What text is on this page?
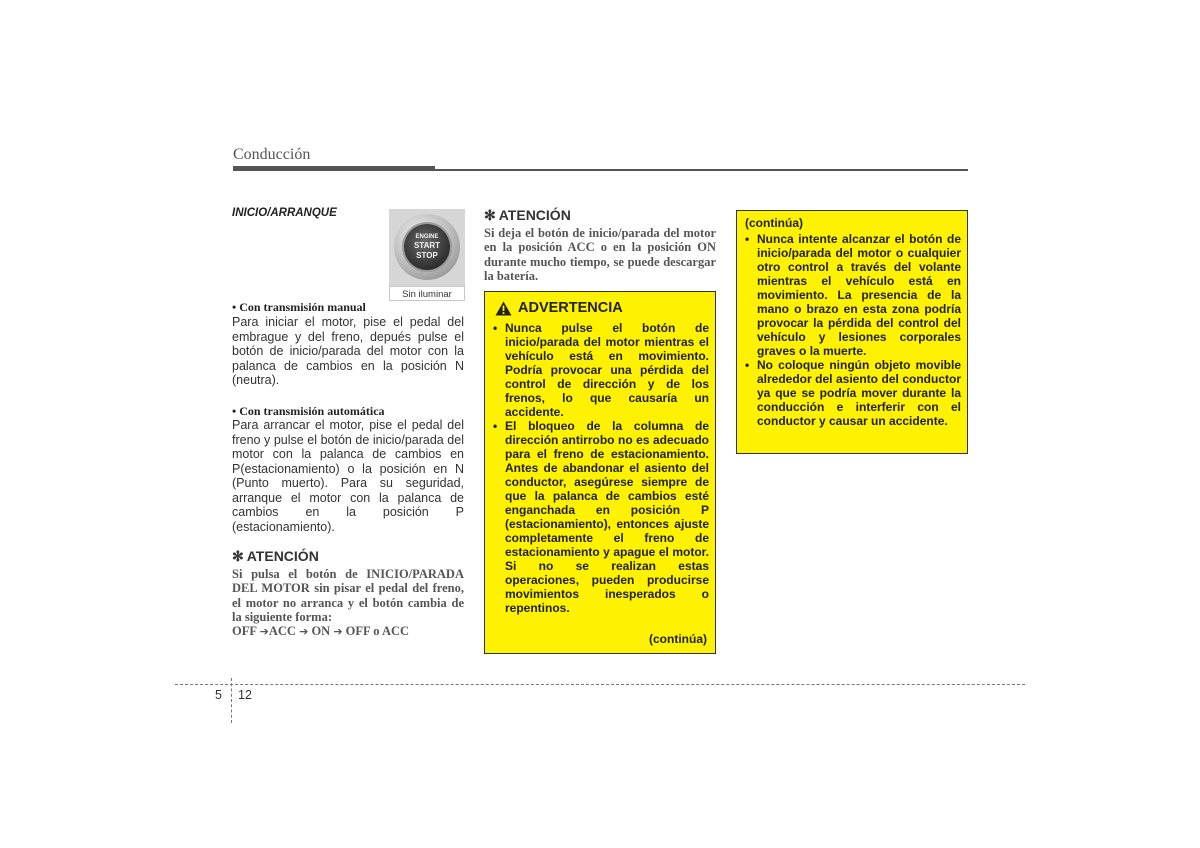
Conducción

INICIO/ARRANQUE

ENGINE
START
STOP
Sin iluminar
• Con transmisión manual
Para iniciar el motor, pise el pedal del embrague y del freno, depués pulse el botón de inicio/parada del motor con la palanca de cambios en la posición N (neutra).
• Con transmisión automática
Para arrancar el motor, pise el pedal del freno y pulse el botón de inicio/parada del motor con la palanca de cambios en P(estacionamiento) o la posición en N (Punto muerto). Para su seguridad, arranque el motor con la palanca de cambios en la posición P (estacionamiento).
✻ ATENCIÓN
Si pulsa el botón de INICIO/PARADA DEL MOTOR sin pisar el pedal del freno, el motor no arranca y el botón cambia de la siguiente forma:
OFF ➔ACC ➔ ON ➔ OFF o ACC
✻ ATENCIÓN
Si deja el botón de inicio/parada del motor en la posición ACC o en la posición ON durante mucho tiempo, se puede descargar la batería.
ADVERTENCIA
• Nunca pulse el botón de inicio/parada del motor mientras el vehículo está en movimiento. Podría provocar una pérdida del control de dirección y de los frenos, lo que causaría un accidente.
• El bloqueo de la columna de dirección antirrobo no es adecuado para el freno de estacionamiento. Antes de abandonar el asiento del conductor, asegúrese siempre de que la palanca de cambios esté enganchada en posición P (estacionamiento), entonces ajuste completamente el freno de estacionamiento y apague el motor. Si no se realizan estas operaciones, pueden producirse movimientos inesperados o repentinos.
(continúa)
(continúa)
• Nunca intente alcanzar el botón de inicio/parada del motor o cualquier otro control a través del volante mientras el vehículo está en movimiento. La presencia de la mano o brazo en esta zona podría provocar la pérdida del control del vehículo y lesiones corporales graves o la muerte.
• No coloque ningún objeto movible alrededor del asiento del conductor ya que se podría mover durante la conducción e interferir con el conductor y causar un accidente.
5 12
